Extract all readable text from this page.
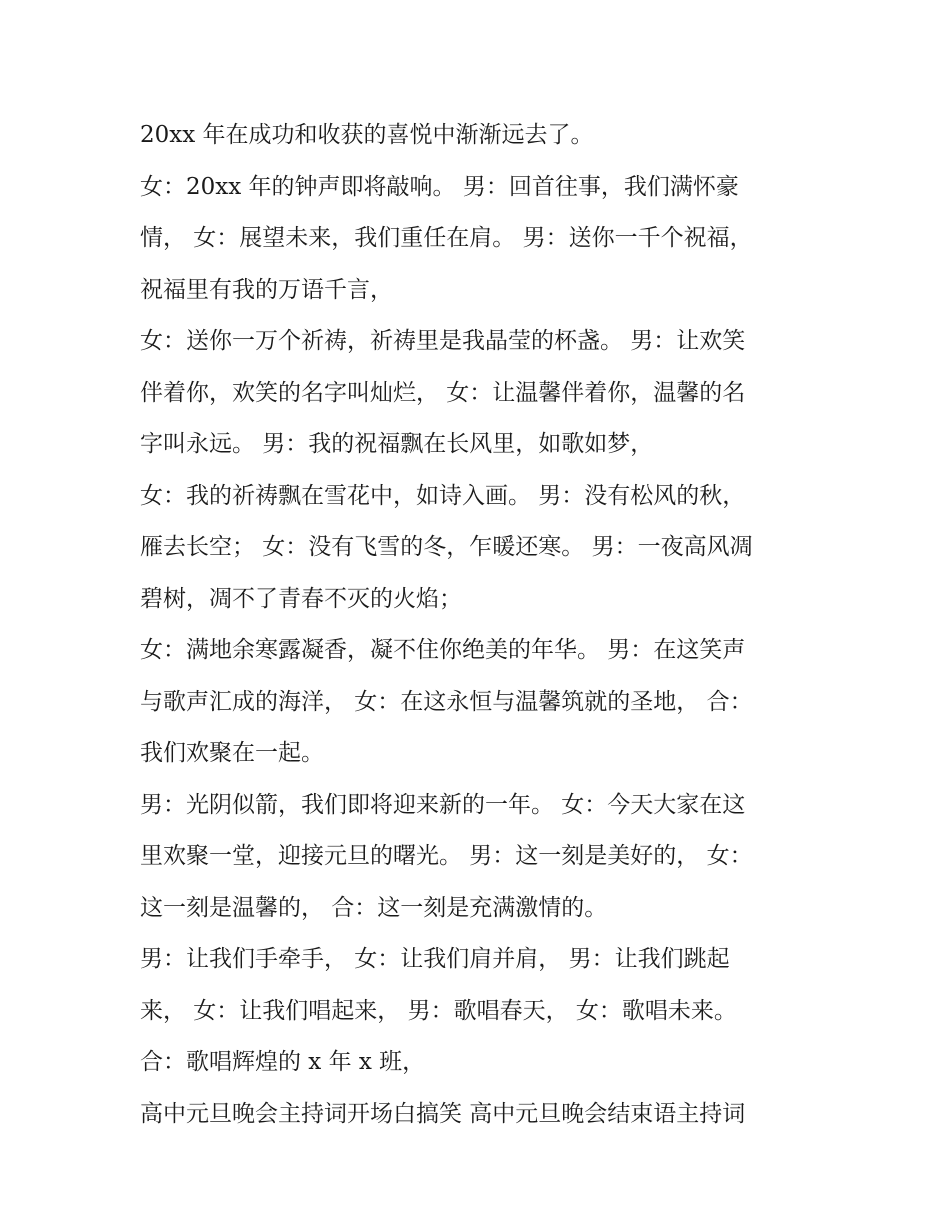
20xx 年在成功和收获的喜悦中渐渐远去了。
女：20xx 年的钟声即将敲响。 男：回首往事，我们满怀豪
情， 女：展望未来，我们重任在肩。 男：送你一千个祝福，
祝福里有我的万语千言，
女：送你一万个祈祷，祈祷里是我晶莹的杯盏。 男：让欢笑
伴着你，欢笑的名字叫灿烂， 女：让温馨伴着你，温馨的名
字叫永远。 男：我的祝福飘在长风里，如歌如梦，
女：我的祈祷飘在雪花中，如诗入画。 男：没有松风的秋，
雁去长空； 女：没有飞雪的冬，乍暖还寒。 男：一夜高风凋
碧树，凋不了青春不灭的火焰；
女：满地余寒露凝香，凝不住你绝美的年华。 男：在这笑声
与歌声汇成的海洋， 女：在这永恒与温馨筑就的圣地， 合：
我们欢聚在一起。
男：光阴似箭，我们即将迎来新的一年。 女：今天大家在这
里欢聚一堂，迎接元旦的曙光。 男：这一刻是美好的， 女：
这一刻是温馨的， 合：这一刻是充满激情的。
男：让我们手牵手， 女：让我们肩并肩， 男：让我们跳起
来， 女：让我们唱起来， 男：歌唱春天， 女：歌唱未来。
合：歌唱辉煌的 x 年 x 班，
高中元旦晚会主持词开场白搞笑 高中元旦晚会结束语主持词
